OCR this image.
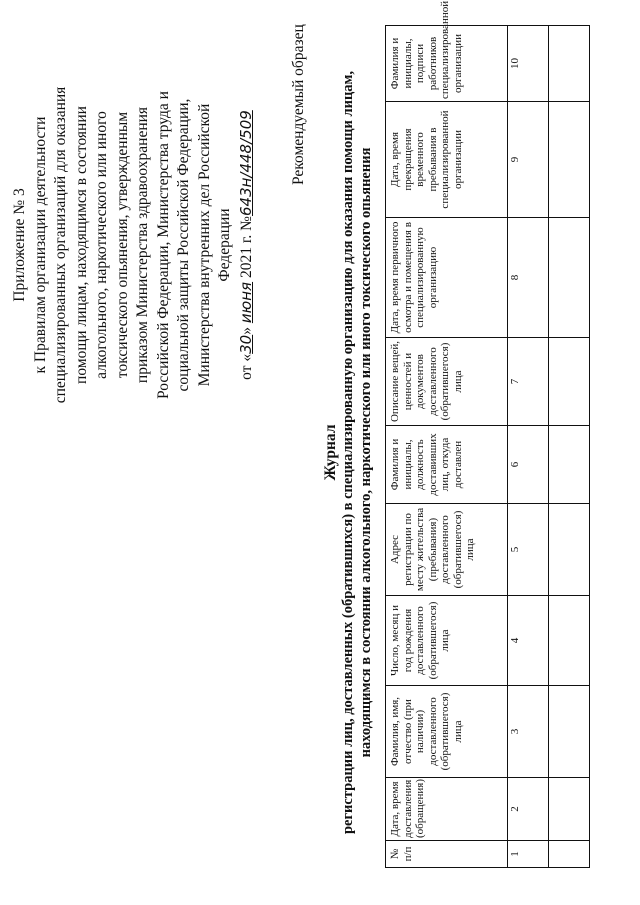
Приложение № 3 к Правилам организации деятельности специализированных организаций для оказания помощи лицам, находящимся в состоянии алкогольного, наркотического или иного токсического опьянения, утвержденным приказом Министерства здравоохранения Российской Федерации, Министерства труда и социальной защиты Российской Федерации, Министерства внутренних дел Российской Федерации
от «30» июня 2021 г. №643н/448/509 Рекомендуемый образец
Журнал регистрации лиц, доставленных (обратившихся) в специализированную организацию для оказания помощи лицам, находящимся в состоянии алкогольного, наркотического или иного токсического опьянения
№ п/п	Дата, время доставления (обращения)	Фамилия, имя, отчество (при наличии) доставленного (обратившегося) лица	Число, месяц и год рождения доставленного (обратившегося) лица	Адрес регистрации по месту жительства (пребывания) доставленного (обратившегося) лица	Фамилия и инициалы, должность доставивших лиц, откуда доставлен	Описание вещей, ценностей и документов доставленного (обратившегося) лица	Дата, время первичного осмотра и помещения в специализированную организацию	Дата, время прекращения временного пребывания в специализированной организации	Фамилия и инициалы, подписи работников специализированной организации
1	2	3	4	5	6	7	8	9	10
